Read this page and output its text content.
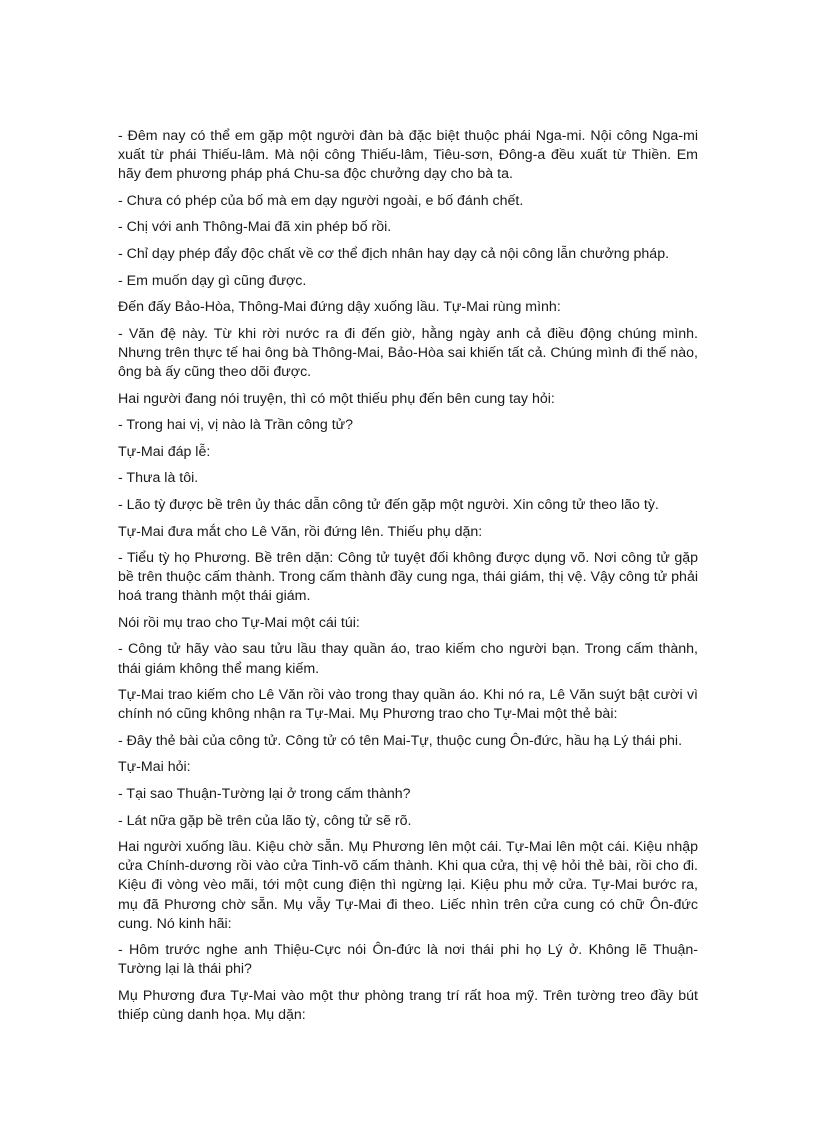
- Đêm nay có thể em gặp một người đàn bà đặc biệt thuộc phái Nga-mi. Nội công Nga-mi xuất từ phái Thiếu-lâm. Mà nội công Thiếu-lâm, Tiêu-sơn, Đông-a đều xuất từ Thiền. Em hãy đem phương pháp phá Chu-sa độc chưởng dạy cho bà ta.

- Chưa có phép của bố mà em dạy người ngoài, e bố đánh chết.

- Chị với anh Thông-Mai đã xin phép bố rồi.

- Chỉ dạy phép đẩy độc chất về cơ thể địch nhân hay dạy cả nội công lẫn chưởng pháp.

- Em muốn dạy gì cũng được.

Đến đấy Bảo-Hòa, Thông-Mai đứng dậy xuống lầu. Tự-Mai rùng mình:

- Văn đệ này. Từ khi rời nước ra đi đến giờ, hằng ngày anh cả điều động chúng mình. Nhưng trên thực tế hai ông bà Thông-Mai, Bảo-Hòa sai khiến tất cả. Chúng mình đi thế nào, ông bà ấy cũng theo dõi được.

Hai người đang nói truyện, thì có một thiếu phụ đến bên cung tay hỏi:

- Trong hai vị, vị nào là Trần công tử?

Tự-Mai đáp lễ:

- Thưa là tôi.

- Lão tỳ được bề trên ủy thác dẫn công tử đến gặp một người. Xin công tử theo lão tỳ.

Tự-Mai đưa mắt cho Lê Văn, rồi đứng lên. Thiếu phụ dặn:

- Tiểu tỳ họ Phương. Bề trên dặn: Công tử tuyệt đối không được dụng võ. Nơi công tử gặp bề trên thuộc cấm thành. Trong cấm thành đầy cung nga, thái giám, thị vệ. Vậy công tử phải hoá trang thành một thái giám.

Nói rồi mụ trao cho Tự-Mai một cái túi:

- Công tử hãy vào sau tửu lầu thay quần áo, trao kiếm cho người bạn. Trong cấm thành, thái giám không thể mang kiếm.

Tự-Mai trao kiếm cho Lê Văn rồi vào trong thay quần áo. Khi nó ra, Lê Văn suýt bật cười vì chính nó cũng không nhận ra Tự-Mai. Mụ Phương trao cho Tự-Mai một thẻ bài:

- Đây thẻ bài của công tử. Công tử có tên Mai-Tự, thuộc cung Ôn-đức, hầu hạ Lý thái phi.

Tự-Mai hỏi:

- Tại sao Thuận-Tường lại ở trong cấm thành?

- Lát nữa gặp bề trên của lão tỳ, công tử sẽ rõ.

Hai người xuống lầu. Kiệu chờ sẵn. Mụ Phương lên một cái. Tự-Mai lên một cái. Kiệu nhập cửa Chính-dương rồi vào cửa Tinh-võ cấm thành. Khi qua cửa, thị vệ hỏi thẻ bài, rồi cho đi. Kiệu đi vòng vèo mãi, tới một cung điện thì ngừng lại. Kiệu phu mở cửa. Tự-Mai bước ra, mụ đã Phương chờ sẵn. Mụ vẫy Tự-Mai đi theo. Liếc nhìn trên cửa cung có chữ Ôn-đức cung. Nó kinh hãi:

- Hôm trước nghe anh Thiệu-Cực nói Ôn-đức là nơi thái phi họ Lý ở. Không lẽ Thuận-Tường lại là thái phi?

Mụ Phương đưa Tự-Mai vào một thư phòng trang trí rất hoa mỹ. Trên tường treo đầy bút thiếp cùng danh họa. Mụ dặn:
